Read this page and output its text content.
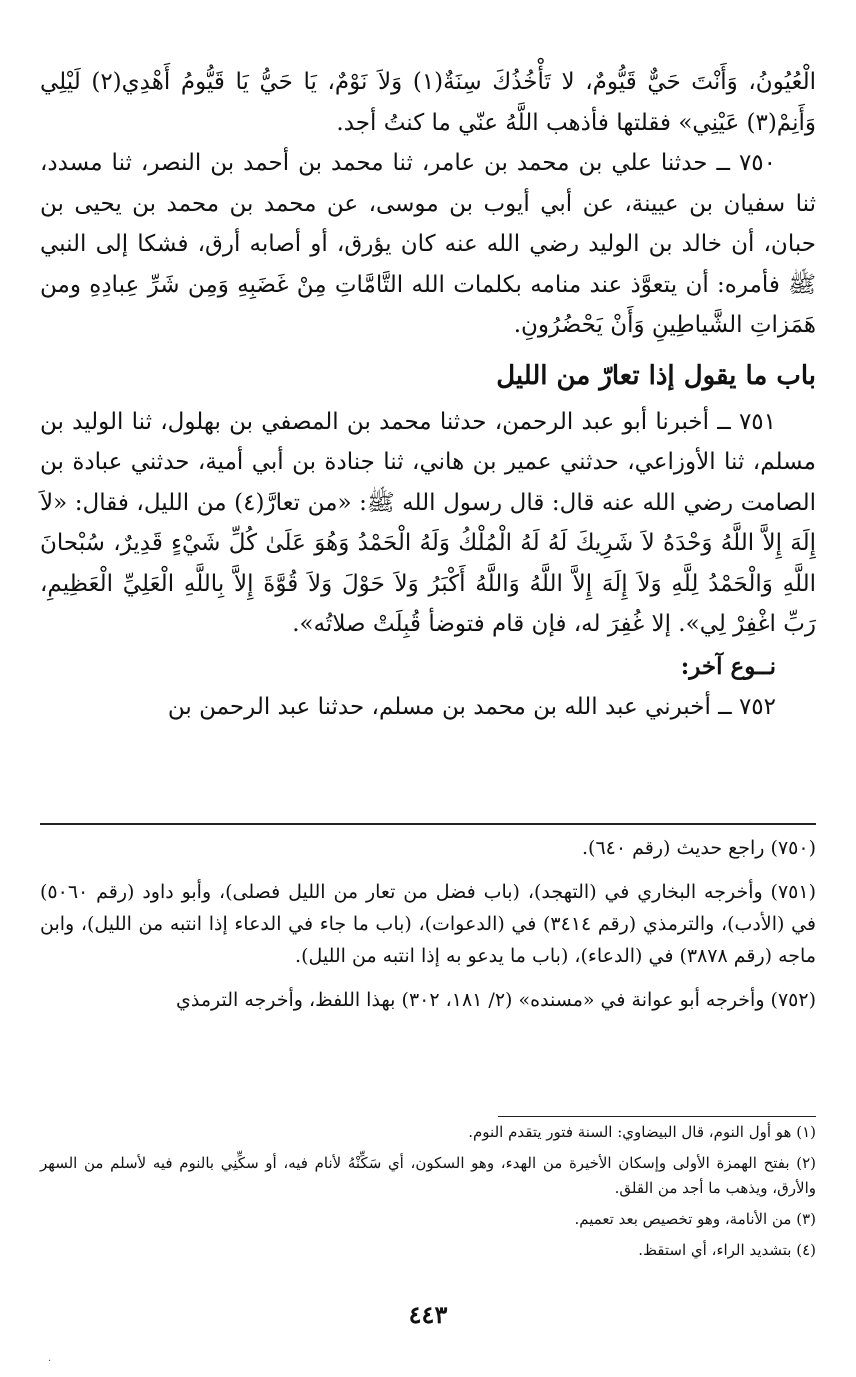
الْعُيُونُ، وَأَنْتَ حَيٌّ قَيُّومٌ، لا تَأْخُذُكَ سِنَةٌ(١) وَلاَ نَوْمٌ، يَا حَيُّ يَا قَيُّومُ أَهْدِي(٢) لَيْلِي وَأَنِمْ(٣) عَيْنِي» فقلتها فأذهب اللَّهُ عنّي ما كنتُ أجد.

٧٥٠ ــ حدثنا علي بن محمد بن عامر، ثنا محمد بن أحمد بن النصر، ثنا مسدد، ثنا سفيان بن عيينة، عن أبي أيوب بن موسى، عن محمد بن محمد بن يحيى بن حبان، أن خالد بن الوليد رضي الله عنه كان يؤرق، أو أصابه أرق، فشكا إلى النبي ﷺ فأمره: أن يتعوَّذ عند منامه بكلمات الله التَّامَّاتِ مِنْ غَضَبِهِ وَمِن شَرِّ عِبادِهِ ومن هَمَزاتِ الشَّياطِينِ وَأَنْ يَحْضُرُونِ.

باب ما يقول إذا تعارّ من الليل

٧٥١ ــ أخبرنا أبو عبد الرحمن، حدثنا محمد بن المصفي بن بهلول، ثنا الوليد بن مسلم، ثنا الأوزاعي، حدثني عمير بن هاني، ثنا جنادة بن أبي أمية، حدثني عبادة بن الصامت رضي الله عنه قال: قال رسول الله ﷺ: «من تعارَّ(٤) من الليل، فقال: «لاَ إِلَهَ إِلاَّ اللَّهُ وَحْدَهُ لاَ شَرِيكَ لَهُ لَهُ الْمُلْكُ وَلَهُ الْحَمْدُ وَهُوَ عَلَىٰ كُلِّ شَيْءٍ قَدِيرٌ، سُبْحانَ اللَّهِ وَالْحَمْدُ لِلَّهِ وَلاَ إِلَهَ إِلاَّ اللَّهُ وَاللَّهُ أَكْبَرُ وَلاَ حَوْلَ وَلاَ قُوَّةَ إِلاَّ بِاللَّهِ الْعَلِيِّ الْعَظِيمِ، رَبِّ اغْفِرْ لِي». إلا غُفِرَ له، فإن قام فتوضأ قُبِلَتْ صلاتُه».

نــوع آخر:

٧٥٢ ــ أخبرني عبد الله بن محمد بن مسلم، حدثنا عبد الرحمن بن

(٧٥٠) راجع حديث (رقم ٦٤٠).

(٧٥١) وأخرجه البخاري في (التهجد)، (باب فضل من تعار من الليل فصلى)، وأبو داود (رقم ٥٠٦٠) في (الأدب)، والترمذي (رقم ٣٤١٤) في (الدعوات)، (باب ما جاء في الدعاء إذا انتبه من الليل)، وابن ماجه (رقم ٣٨٧٨) في (الدعاء)، (باب ما يدعو به إذا انتبه من الليل).

(٧٥٢) وأخرجه أبو عوانة في «مسنده» (٢/ ١٨١، ٣٠٢) بهذا اللفظ، وأخرجه الترمذي

(١) هو أول النوم، قال البيضاوي: السنة فتور يتقدم النوم.

(٢) بفتح الهمزة الأولى وإسكان الأخيرة من الهدء، وهو السكون، أي سَكِّنْهُ لأنام فيه، أو سكِّنِي بالنوم فيه لأسلم من السهر والأرق، ويذهب ما أجد من القلق.

(٣) من الأنامة، وهو تخصيص بعد تعميم.

(٤) بتشديد الراء، أي استقظ.

٤٤٣
·
